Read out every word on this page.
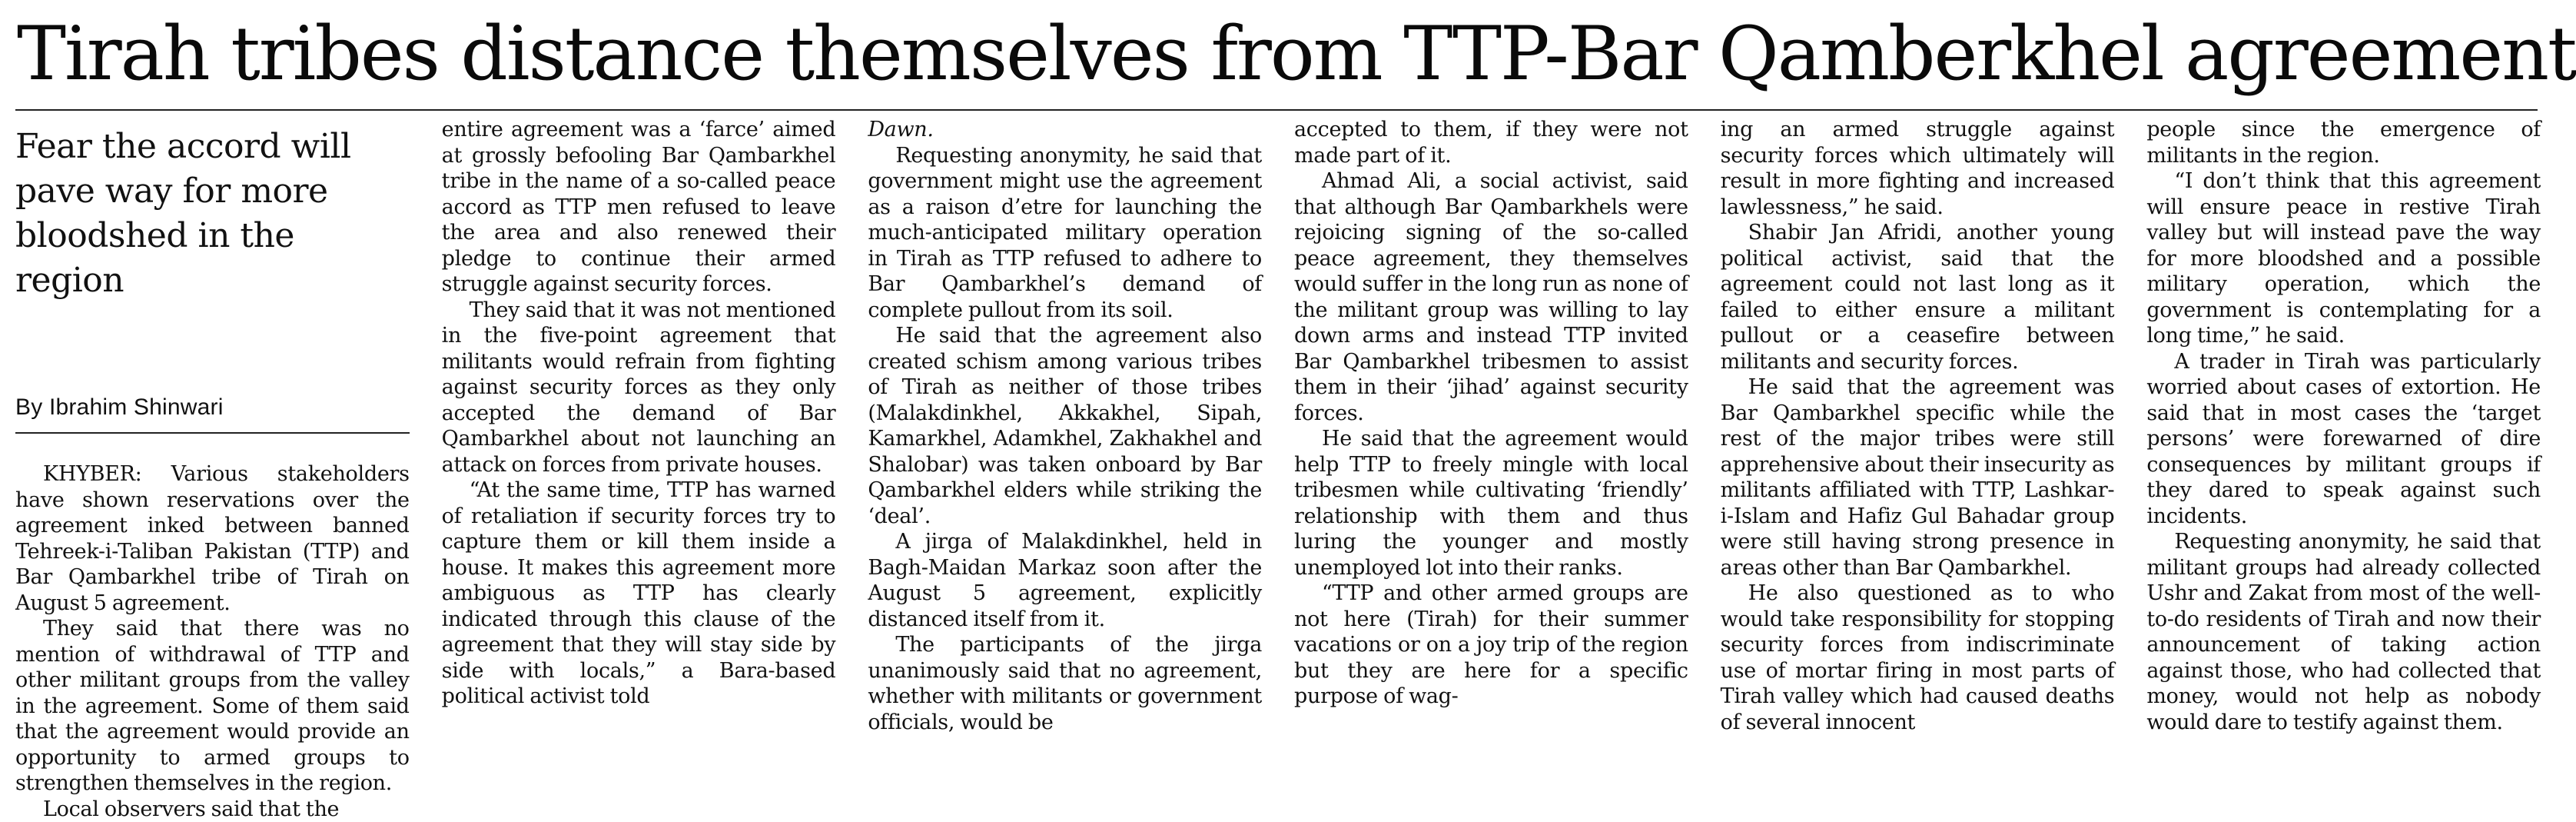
Tirah tribes distance themselves from TTP-Bar Qamberkhel agreement
Fear the accord will pave way for more bloodshed in the region
By Ibrahim Shinwari

KHYBER: Various stakeholders have shown reservations over the agreement inked between banned Tehreek-i-Taliban Pakistan (TTP) and Bar Qambarkhel tribe of Tirah on August 5 agreement.

They said that there was no mention of withdrawal of TTP and other militant groups from the valley in the agreement. Some of them said that the agreement would provide an opportunity to armed groups to strengthen themselves in the region.

Local observers said that the

entire agreement was a ‘farce’ aimed at grossly befooling Bar Qambarkhel tribe in the name of a so-called peace accord as TTP men refused to leave the area and also renewed their pledge to continue their armed struggle against security forces.

They said that it was not mentioned in the five-point agreement that militants would refrain from fighting against security forces as they only accepted the demand of Bar Qambarkhel about not launching an attack on forces from private houses.

“At the same time, TTP has warned of retaliation if security forces try to capture them or kill them inside a house. It makes this agreement more ambiguous as TTP has clearly indicated through this clause of the agreement that they will stay side by side with locals,” a Bara-based political activist told

Dawn.

Requesting anonymity, he said that government might use the agreement as a raison d’etre for launching the much-anticipated military operation in Tirah as TTP refused to adhere to Bar Qambarkhel’s demand of complete pullout from its soil.

He said that the agreement also created schism among various tribes of Tirah as neither of those tribes (Malakdinkhel, Akkakhel, Sipah, Kamarkhel, Adamkhel, Zakhakhel and Shalobar) was taken onboard by Bar Qambarkhel elders while striking the ‘deal’.

A jirga of Malakdinkhel, held in Bagh-Maidan Markaz soon after the August 5 agreement, explicitly distanced itself from it.

The participants of the jirga unanimously said that no agreement, whether with militants or government officials, would be

accepted to them, if they were not made part of it.

Ahmad Ali, a social activist, said that although Bar Qambarkhels were rejoicing signing of the so-called peace agreement, they themselves would suffer in the long run as none of the militant group was willing to lay down arms and instead TTP invited Bar Qambarkhel tribesmen to assist them in their ‘jihad’ against security forces.

He said that the agreement would help TTP to freely mingle with local tribesmen while cultivating ‘friendly’ relationship with them and thus luring the younger and mostly unemployed lot into their ranks.

“TTP and other armed groups are not here (Tirah) for their summer vacations or on a joy trip of the region but they are here for a specific purpose of wag-

ing an armed struggle against security forces which ultimately will result in more fighting and increased lawlessness,” he said.

Shabir Jan Afridi, another young political activist, said that the agreement could not last long as it failed to either ensure a militant pullout or a ceasefire between militants and security forces.

He said that the agreement was Bar Qambarkhel specific while the rest of the major tribes were still apprehensive about their insecurity as militants affiliated with TTP, Lashkar-i-Islam and Hafiz Gul Bahadar group were still having strong presence in areas other than Bar Qambarkhel.

He also questioned as to who would take responsibility for stopping security forces from indiscriminate use of mortar firing in most parts of Tirah valley which had caused deaths of several innocent

people since the emergence of militants in the region.

“I don’t think that this agreement will ensure peace in restive Tirah valley but will instead pave the way for more bloodshed and a possible military operation, which the government is contemplating for a long time,” he said.

A trader in Tirah was particularly worried about cases of extortion. He said that in most cases the ‘target persons’ were forewarned of dire consequences by militant groups if they dared to speak against such incidents.

Requesting anonymity, he said that militant groups had already collected Ushr and Zakat from most of the well-to-do residents of Tirah and now their announcement of taking action against those, who had collected that money, would not help as nobody would dare to testify against them.
